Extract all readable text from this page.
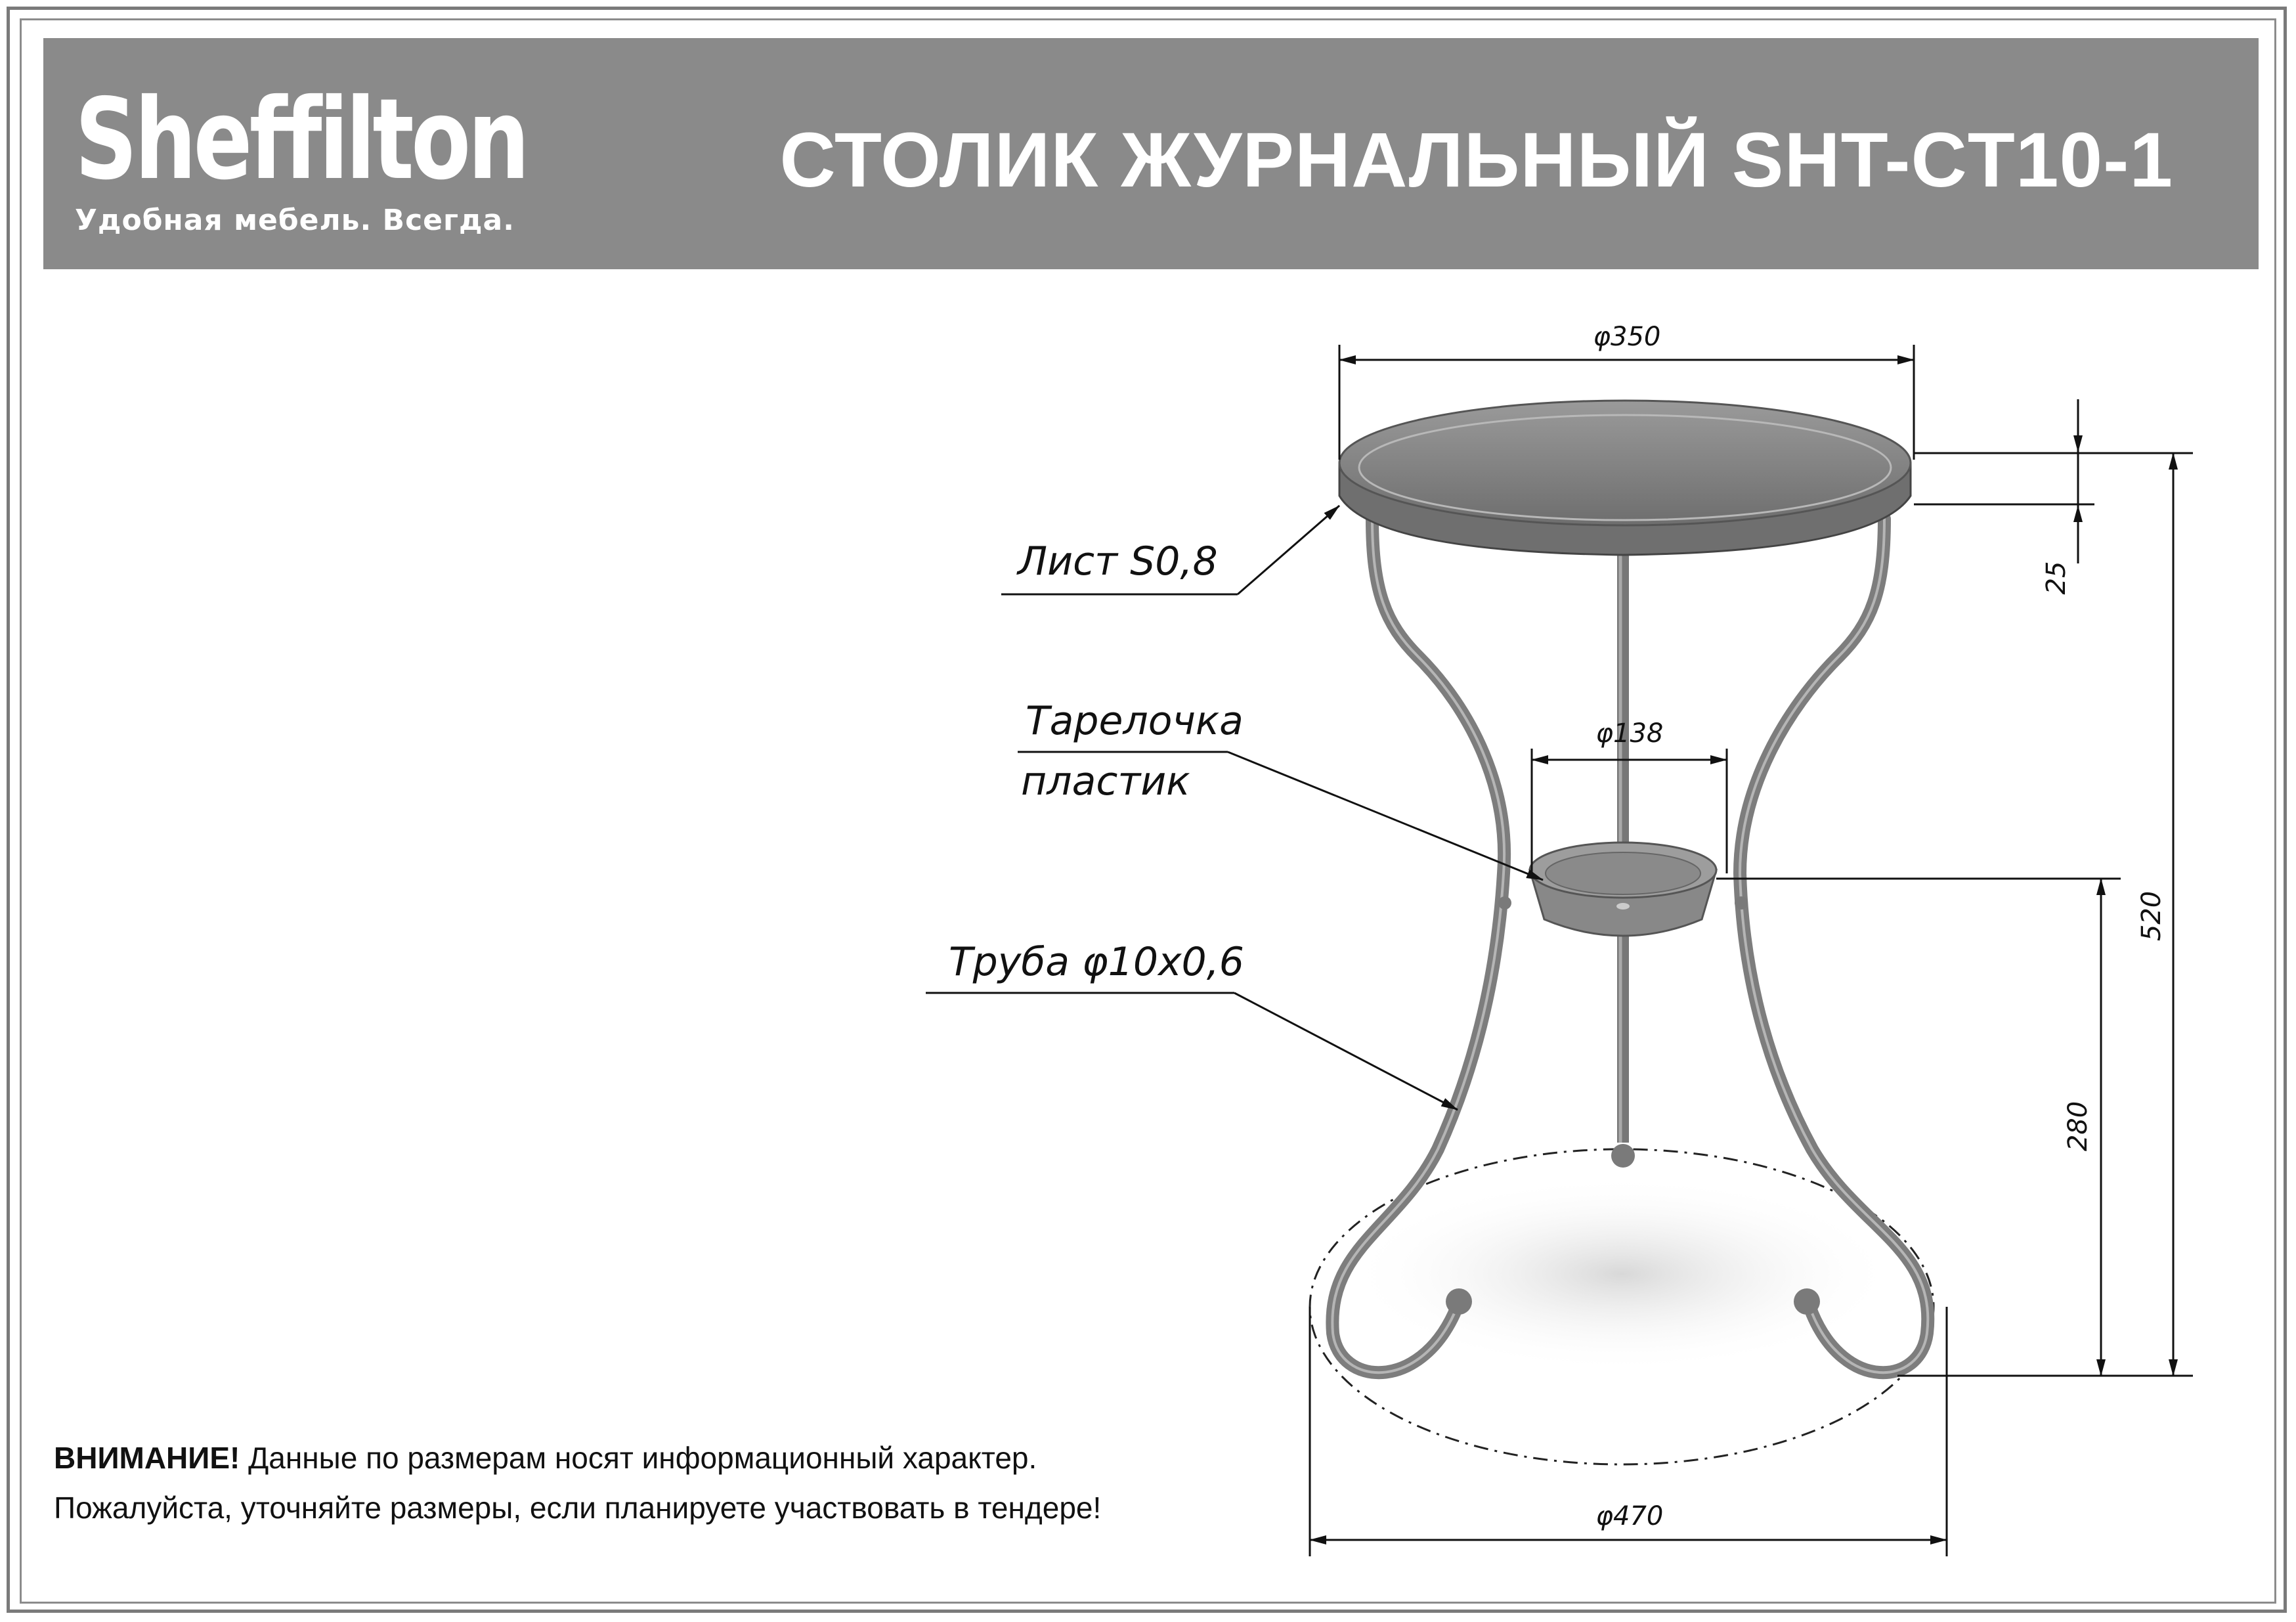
Sheffilton
Удобная мебель. Всегда.
СТОЛИК ЖУРНАЛЬНЫЙ SHT-CT10-1
φ350
25
520
280
φ138
φ470
Лист S0,8
Тарелочка
пластик
Труба φ10х0,6
ВНИМАНИЕ! Данные по размерам носят информационный характер.
Пожалуйста, уточняйте размеры, если планируете участвовать в тендере!
